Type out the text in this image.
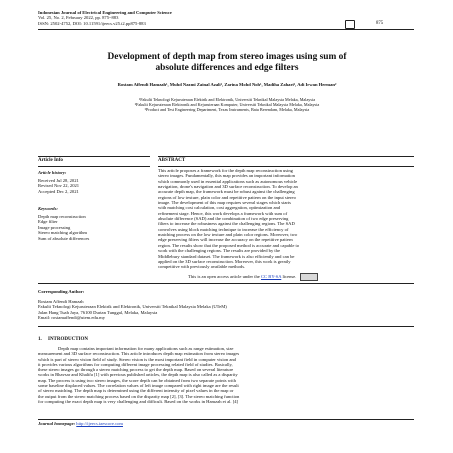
Indonesian Journal of Electrical Engineering and Computer Science
Vol. 25, No. 2, February 2022, pp. 875~883
ISSN: 2502-4752, DOI: 10.11591/ijeecs.v25.i2.pp875-883	875
Development of depth map from stereo images using sum of
absolute differences and edge filters
Rostam Affendi Hamzah¹, Muhd Nazmi Zainal Azali¹, Zarina Mohd Noh¹, Madiha Zahari¹, Adi Irwan Herman²
¹Fakulti Teknologi Kejuruteraan Elektrik and Elektronik, Universiti Teknikal Malaysia Melaka, Malaysia
²Fakulti Kejuruteraan Elektronik and Kejuruteraan Komputer, Universiti Teknikal Malaysia Melaka, Malaysia
³Product and Test Engineering Department, Texas Instruments, Batu Berendam, Melaka, Malaysia
Article Info
Article history:
Received Jul 28, 2021
Revised Nov 22, 2021
Accepted Dec 2, 2021
Keywords:
Depth map reconstruction
Edge filter
Image processing
Stereo matching algorithm
Sum of absolute differences
ABSTRACT
This article proposes a framework for the depth map reconstruction using
stereo images. Fundamentally, this map provides an important information
which commonly used in essential applications such as autonomous vehicle
navigation, drone's navigation and 3D surface reconstruction. To develop an
accurate depth map, the framework must be robust against the challenging
regions of low texture, plain color and repetitive pattern on the input stereo
image. The development of this map requires several stages which starts
with matching cost calculation, cost aggregation, optimization and
refinement stage. Hence, this work develops a framework with sum of
absolute difference (SAD) and the combination of two edge preserving
filters to increase the robustness against the challenging regions. The SAD
convolves using block matching technique to increase the efficiency of
matching process on the low texture and plain color regions. Moreover, two
edge preserving filters will increase the accuracy on the repetitive pattern
region. The results show that the proposed method is accurate and capable to
work with the challenging regions. The results are provided by the
Middlebury standard dataset. The framework is also efficiently and can be
applied on the 3D surface reconstruction. Moreover, this work is greatly
competitive with previously available methods.
This is an open access article under the CC BY-SA license.
Corresponding Author:
Rostam Affendi Hamzah
Fakulti Teknologi Kejuruteraan Elektrik and Elektronik, Universiti Teknikal Malaysia Melaka (UTeM)
Jalan Hang Tuah Jaya, 76100 Durian Tunggal, Melaka, Malaysia
Email: rostamaffendi@utem.edu.my
1.     INTRODUCTION
Depth map contains important information for many applications such as range estimation, size
measurement and 3D surface reconstruction. This article introduces depth map estimation from stereo images
which is part of stereo vision field of study. Stereo vision is the most important field in computer vision and
it provides various algorithms for computing different image processing related field of studies. Basically,
these stereo images go through a stereo matching process to get the depth map. Based on several literature
works in Bhavsar and Khalifa [1] with previous published articles, the depth map is also called as a disparity
map. The process is using two stereo images, the score depth can be obtained from two separate points with
some baseline displaced values. The correlation values of left image compared with right image are the result
of stereo matching. The depth map is determined using the different intensity of pixel values in the map or
the output from the stereo matching process based on the disparity map [2], [3]. The stereo matching function
for computing the exact depth map is very challenging and difficult. Based on the works in Hamzah et al. [4]
Journal homepage: http://ijeecs.iaescore.com
